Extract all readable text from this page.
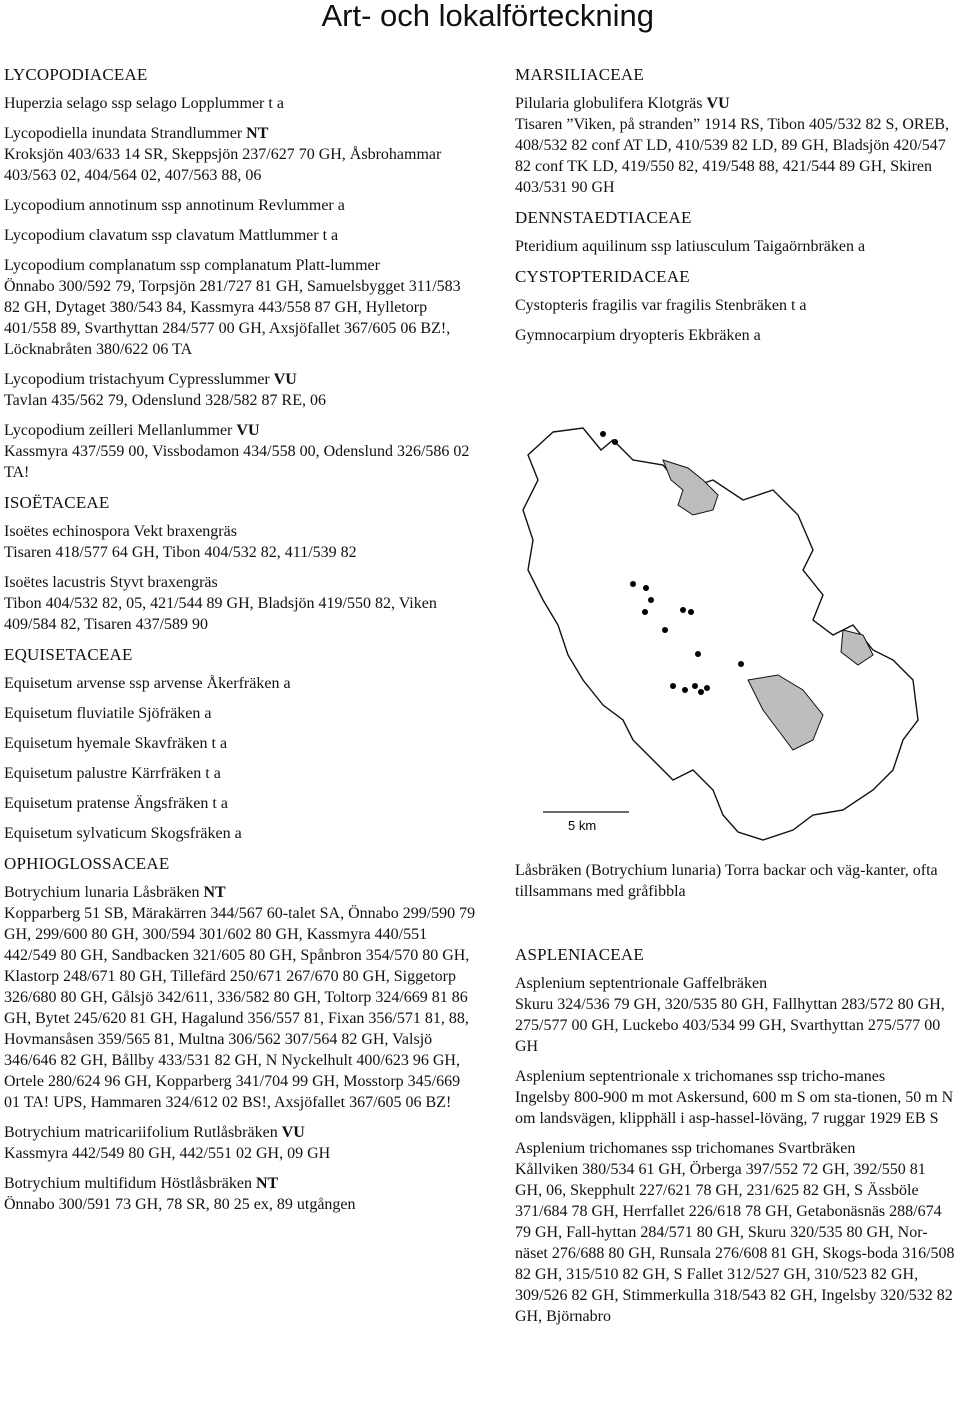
Art- och lokalförteckning
LYCOPODIACEAE
Huperzia selago ssp selago Lopplummer t a
Lycopodiella inundata Strandlummer NT
Kroksjön 403/633 14 SR, Skeppsjön 237/627 70 GH, Åsbrohammar 403/563 02, 404/564 02, 407/563 88, 06
Lycopodium annotinum ssp annotinum Revlummer a
Lycopodium clavatum ssp clavatum Mattlummer t a
Lycopodium complanatum ssp complanatum Platt-lummer
Önnabo 300/592 79, Torpsjön 281/727 81 GH, Samuelsbygget 311/583 82 GH, Dytaget 380/543 84, Kassmyra 443/558 87 GH, Hylletorp 401/558 89, Svarthyttan 284/577 00 GH, Axsjöfallet 367/605 06 BZ!, Löcknabråten 380/622 06 TA
Lycopodium tristachyum Cypresslummer VU
Tavlan 435/562 79, Odenslund 328/582 87 RE, 06
Lycopodium zeilleri Mellanlummer VU
Kassmyra 437/559 00, Vissbodamon 434/558 00, Odenslund 326/586 02 TA!
ISOËTACEAE
Isoëtes echinospora Vekt braxengräs
Tisaren 418/577 64 GH, Tibon 404/532 82, 411/539 82
Isoëtes lacustris Styvt braxengräs
Tibon 404/532 82, 05, 421/544 89 GH, Bladsjön 419/550 82, Viken 409/584 82, Tisaren 437/589 90
EQUISETACEAE
Equisetum arvense ssp arvense Åkerfräken a
Equisetum fluviatile Sjöfräken a
Equisetum hyemale Skavfräken t a
Equisetum palustre Kärrfräken t a
Equisetum pratense Ängsfräken t a
Equisetum sylvaticum Skogsfräken a
OPHIOGLOSSACEAE
Botrychium lunaria Låsbräken NT
Kopparberg 51 SB, Märakärren 344/567 60-talet SA, Önnabo 299/590 79 GH, 299/600 80 GH, 300/594 301/602 80 GH, Kassmyra 440/551 442/549 80 GH, Sandbacken 321/605 80 GH, Spånbron 354/570 80 GH, Klastorp 248/671 80 GH, Tillefärd 250/671 267/670 80 GH, Siggetorp 326/680 80 GH, Gålsjö 342/611, 336/582 80 GH, Toltorp 324/669 81 86 GH, Bytet 245/620 81 GH, Hagalund 356/557 81, Fixan 356/571 81, 88, Hovmansåsen 359/565 81, Multna 306/562 307/564 82 GH, Valsjö 346/646 82 GH, Bållby 433/531 82 GH, N Nyckelhult 400/623 96 GH, Ortele 280/624 96 GH, Kopparberg 341/704 99 GH, Mosstorp 345/669 01 TA! UPS, Hammaren 324/612 02 BS!, Axsjöfallet 367/605 06 BZ!
Botrychium matricariifolium Rutlåsbräken VU
Kassmyra 442/549 80 GH, 442/551 02 GH, 09 GH
Botrychium multifidum Höstlåsbräken NT
Önnabo 300/591 73 GH, 78 SR, 80 25 ex, 89 utgången
MARSILIACEAE
Pilularia globulifera Klotgräs VU
Tisaren ”Viken, på stranden” 1914 RS, Tibon 405/532 82 S, OREB, 408/532 82 conf AT LD, 410/539 82 LD, 89 GH, Bladsjön 420/547 82 conf TK LD, 419/550 82, 419/548 88, 421/544 89 GH, Skiren 403/531 90 GH
DENNSTAEDTIACEAE
Pteridium aquilinum ssp latiusculum Taigaörnbräken a
CYSTOPTERIDACEAE
Cystopteris fragilis var fragilis Stenbräken t a
Gymnocarpium dryopteris Ekbräken a
5 km
Låsbräken (Botrychium lunaria) Torra backar och väg-kanter, ofta tillsammans med gråfibbla
ASPLENIACEAE
Asplenium septentrionale Gaffelbräken
Skuru 324/536 79 GH, 320/535 80 GH, Fallhyttan 283/572 80 GH, 275/577 00 GH, Luckebo 403/534 99 GH, Svarthyttan 275/577 00 GH
Asplenium septentrionale x trichomanes ssp tricho-manes
Ingelsby 800-900 m mot Askersund, 600 m S om sta-tionen, 50 m N om landsvägen, klipphäll i asp-hassel-löväng, 7 ruggar 1929 EB S
Asplenium trichomanes ssp trichomanes Svartbräken
Kållviken 380/534 61 GH, Örberga 397/552 72 GH, 392/550 81 GH, 06, Skepphult 227/621 78 GH, 231/625 82 GH, S Ässböle 371/684 78 GH, Herrfallet 226/618 78 GH, Getabonäsnäs 288/674 79 GH, Fall-hyttan 284/571 80 GH, Skuru 320/535 80 GH, Nor-näset 276/688 80 GH, Runsala 276/608 81 GH, Skogs-boda 316/508 82 GH, 315/510 82 GH, S Fallet 312/527 GH, 310/523 82 GH, 309/526 82 GH, Stimmerkulla 318/543 82 GH, Ingelsby 320/532 82 GH, Björnabro
